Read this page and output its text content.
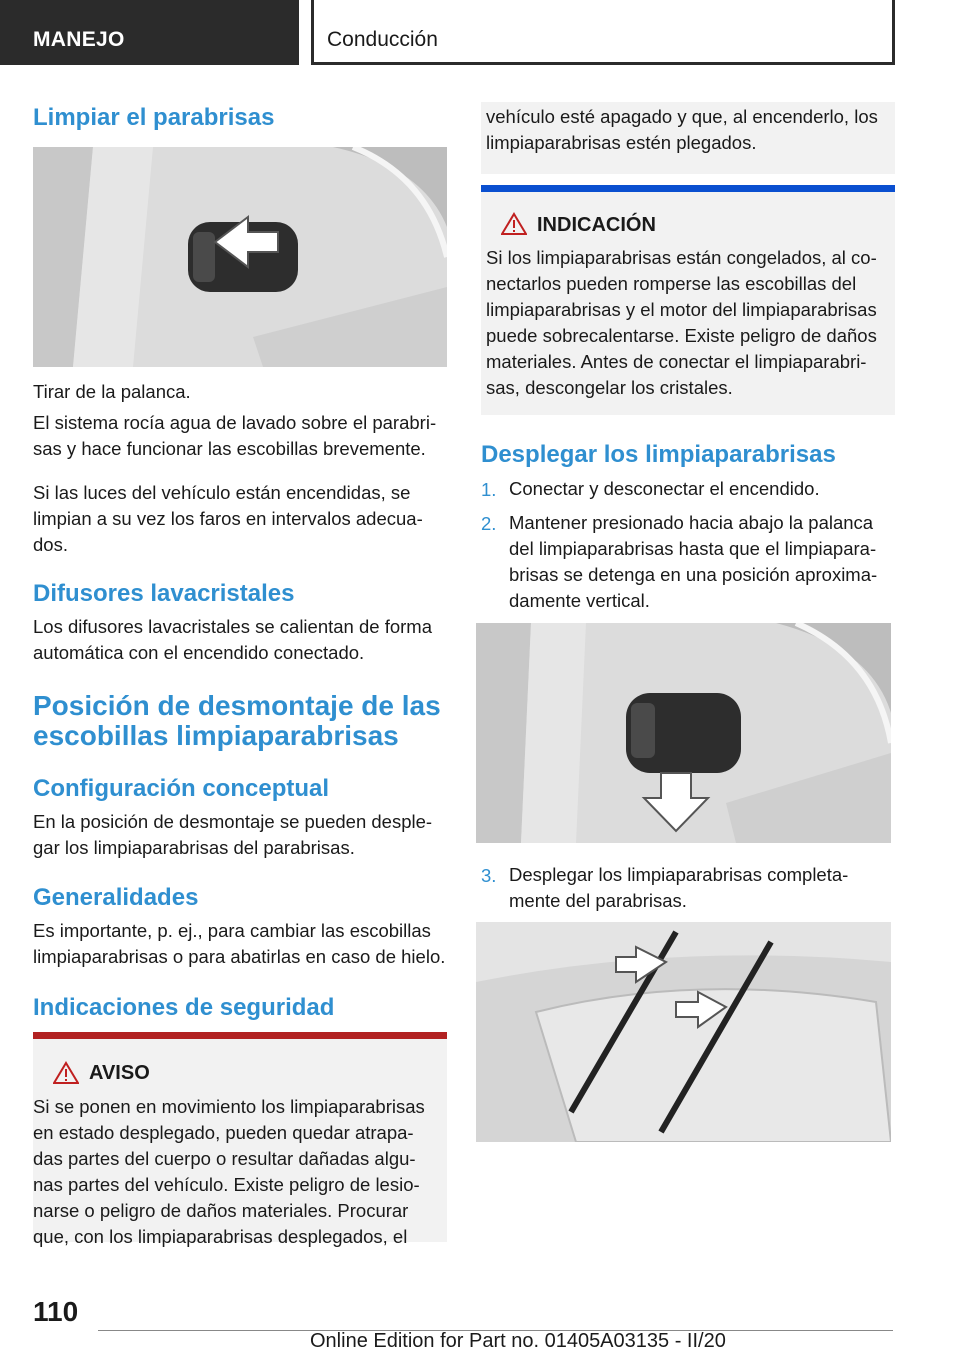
MANEJO	Conducción
Limpiar el parabrisas
Tirar de la palanca.
El sistema rocía agua de lavado sobre el parabri‐
sas y hace funcionar las escobillas brevemente.
Si las luces del vehículo están encendidas, se
limpian a su vez los faros en intervalos adecua‐
dos.
Difusores lavacristales
Los difusores lavacristales se calientan de forma
automática con el encendido conectado.
Posición de desmontaje de las
escobillas limpiaparabrisas
Configuración conceptual
En la posición de desmontaje se pueden desple‐
gar los limpiaparabrisas del parabrisas.
Generalidades
Es importante, p. ej., para cambiar las escobillas
limpiaparabrisas o para abatirlas en caso de hielo.
Indicaciones de seguridad
AVISO
Si se ponen en movimiento los limpiaparabrisas
en estado desplegado, pueden quedar atrapa‐
das partes del cuerpo o resultar dañadas algu‐
nas partes del vehículo. Existe peligro de lesio‐
narse o peligro de daños materiales. Procurar
que, con los limpiaparabrisas desplegados, el
vehículo esté apagado y que, al encenderlo, los
limpiaparabrisas estén plegados.
INDICACIÓN
Si los limpiaparabrisas están congelados, al co‐
nectarlos pueden romperse las escobillas del
limpiaparabrisas y el motor del limpiaparabrisas
puede sobrecalentarse. Existe peligro de daños
materiales. Antes de conectar el limpiaparabri‐
sas, descongelar los cristales.
Desplegar los limpiaparabrisas
1. Conectar y desconectar el encendido.
2. Mantener presionado hacia abajo la palanca
del limpiaparabrisas hasta que el limpiapara‐
brisas se detenga en una posición aproxima‐
damente vertical.
3. Desplegar los limpiaparabrisas completa‐
mente del parabrisas.
110
Online Edition for Part no. 01405A03135 - II/20
